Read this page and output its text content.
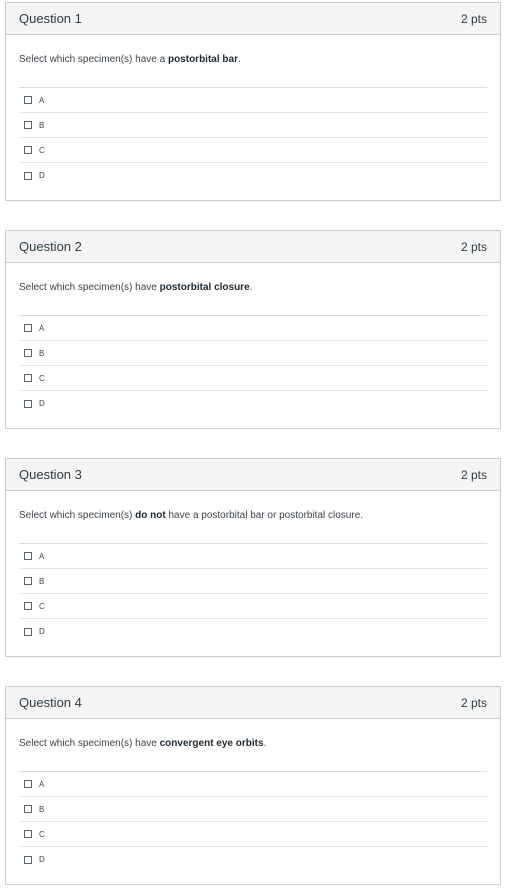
Question 1	2 pts
Select which specimen(s) have a postorbital bar.
A
B
C
D
Question 2	2 pts
Select which specimen(s) have postorbital closure.
A
B
C
D
Question 3	2 pts
Select which specimen(s) do not have a postorbital bar or postorbital closure.
A
B
C
D
Question 4	2 pts
Select which specimen(s) have convergent eye orbits.
A
B
C
D
